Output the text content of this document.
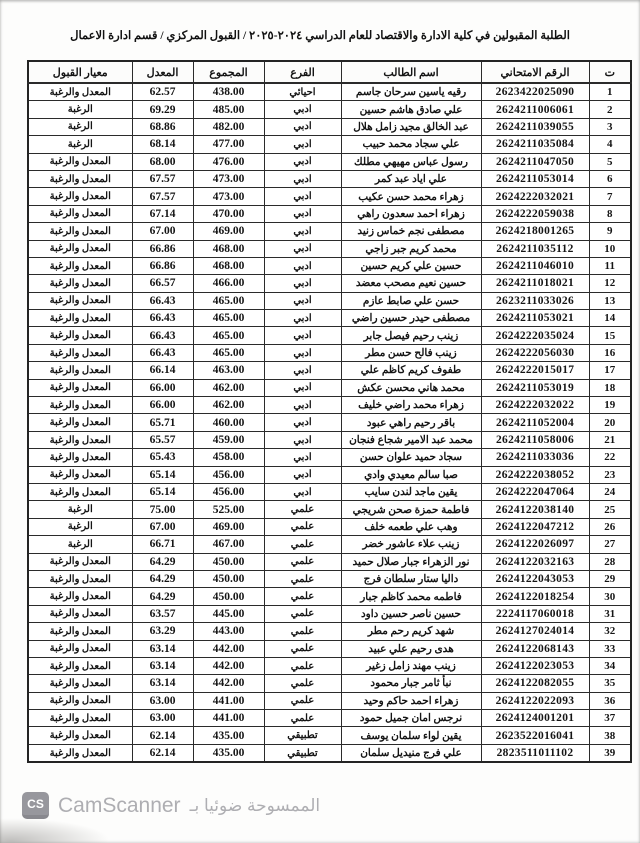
الطلبة المقبولين في كلية الادارة والاقتصاد للعام الدراسي ٢٠٢٤-٢٠٢٥ / القبول المركزي / قسم ادارة الاعمال
ت	الرقم الامتحاني	اسم الطالب	الفرع	المجموع	المعدل	معيار القبول
1	2623422025090	رقيه ياسين سرحان جاسم	احيائي	438.00	62.57	المعدل والرغبة
2	2624211006061	علي صادق هاشم حسين	ادبي	485.00	69.29	الرغبة
3	2624211039055	عبد الخالق مجيد زامل هلال	ادبي	482.00	68.86	الرغبة
4	2624211035084	علي سجاد محمد حبيب	ادبي	477.00	68.14	الرغبة
5	2624211047050	رسول عباس مهيهي مطلك	ادبي	476.00	68.00	المعدل والرغبة
6	2624211053014	علي اياد عبد كمر	ادبي	473.00	67.57	المعدل والرغبة
7	2624222032021	زهراء محمد حسن عكيب	ادبي	473.00	67.57	المعدل والرغبة
8	2624222059038	زهراء احمد سعدون راهي	ادبي	470.00	67.14	المعدل والرغبة
9	2624218001265	مصطفى نجم خماس زنيد	ادبي	469.00	67.00	المعدل والرغبة
10	2624211035112	محمد كريم جبر زاجي	ادبي	468.00	66.86	المعدل والرغبة
11	2624211046010	حسين علي كريم حسين	ادبي	468.00	66.86	المعدل والرغبة
12	2624211018021	حسين نعيم مصحب معضد	ادبي	466.00	66.57	المعدل والرغبة
13	2623211033026	حسن علي صابط عازم	ادبي	465.00	66.43	المعدل والرغبة
14	2624211053021	مصطفى حيدر حسين راضي	ادبي	465.00	66.43	المعدل والرغبة
15	2624222035024	زينب رحيم فيصل جابر	ادبي	465.00	66.43	المعدل والرغبة
16	2624222056030	زينب فالح حسن مطر	ادبي	465.00	66.43	المعدل والرغبة
17	2624222015017	طفوف كريم كاظم علي	ادبي	463.00	66.14	المعدل والرغبة
18	2624211053019	محمد هاني محسن عكش	ادبي	462.00	66.00	المعدل والرغبة
19	2624222032022	زهراء محمد راضي خليف	ادبي	462.00	66.00	المعدل والرغبة
20	2624211052004	باقر رحيم راهي عبود	ادبي	460.00	65.71	المعدل والرغبة
21	2624211058006	محمد عبد الامير شجاع فنجان	ادبي	459.00	65.57	المعدل والرغبة
22	2624211033036	سجاد حميد علوان حسن	ادبي	458.00	65.43	المعدل والرغبة
23	2624222038052	صبا سالم معيدي وادي	ادبي	456.00	65.14	المعدل والرغبة
24	2624222047064	يقين ماجد لندن سايب	ادبي	456.00	65.14	المعدل والرغبة
25	2624122038140	فاطمة حمزة صحن شريجي	علمي	525.00	75.00	الرغبة
26	2624122047212	وهب علي طعمه خلف	علمي	469.00	67.00	الرغبة
27	2624122026097	زينب علاء عاشور خضر	علمي	467.00	66.71	الرغبة
28	2624122032163	نور الزهراء جبار صلال حميد	علمي	450.00	64.29	المعدل والرغبة
29	2624122043053	داليا ستار سلطان فرج	علمي	450.00	64.29	المعدل والرغبة
30	2624122018254	فاطمه محمد كاظم جبار	علمي	450.00	64.29	المعدل والرغبة
31	2224117060018	حسين ناصر حسين داود	علمي	445.00	63.57	المعدل والرغبة
32	2624127024014	شهد كريم رحم مطر	علمي	443.00	63.29	المعدل والرغبة
33	2624122068143	هدى رحيم علي عبيد	علمي	442.00	63.14	المعدل والرغبة
34	2624122023053	زينب مهند زامل زغير	علمي	442.00	63.14	المعدل والرغبة
35	2624122082055	نبأ ثامر جبار محمود	علمي	442.00	63.14	المعدل والرغبة
36	2624122022093	زهراء احمد حاكم وحيد	علمي	441.00	63.00	المعدل والرغبة
37	2624124001201	نرجس امان جميل حمود	علمي	441.00	63.00	المعدل والرغبة
38	2623522016041	يقين لواء سلمان يوسف	تطبيقي	435.00	62.14	المعدل والرغبة
39	2823511011102	علي فرج منيديل سلمان	تطبيقي	435.00	62.14	المعدل والرغبة
CS CamScanner الممسوحة ضوئيا بـ
